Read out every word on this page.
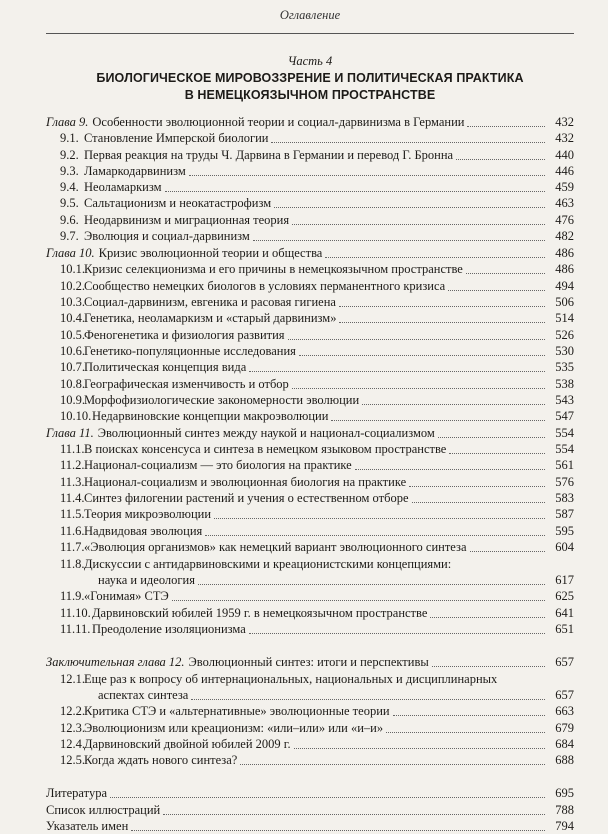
Оглавление
Часть 4
БИОЛОГИЧЕСКОЕ МИРОВОЗЗРЕНИЕ И ПОЛИТИЧЕСКАЯ ПРАКТИКА
В НЕМЕЦКОЯЗЫЧНОМ ПРОСТРАНСТВЕ
Глава 9. Особенности эволюционной теории и социал-дарвинизма в Германии	432
9.1. Становление Имперской биологии	432
9.2. Первая реакция на труды Ч. Дарвина в Германии и перевод Г. Бронна	440
9.3. Ламаркодарвинизм	446
9.4. Неоламаркизм	459
9.5. Сальтационизм и неокатастрофизм	463
9.6. Неодарвинизм и миграционная теория	476
9.7. Эволюция и социал-дарвинизм	482
Глава 10. Кризис эволюционной теории и общества	486
10.1. Кризис селекционизма и его причины в немецкоязычном пространстве	486
10.2. Сообщество немецких биологов в условиях перманентного кризиса	494
10.3. Социал-дарвинизм, евгеника и расовая гигиена	506
10.4. Генетика, неоламаркизм и «старый дарвинизм»	514
10.5. Феногенетика и физиология развития	526
10.6. Генетико-популяционные исследования	530
10.7. Политическая концепция вида	535
10.8. Географическая изменчивость и отбор	538
10.9. Морфофизиологические закономерности эволюции	543
10.10. Недарвиновские концепции макроэволюции	547
Глава 11. Эволюционный синтез между наукой и национал-социализмом	554
11.1. В поисках консенсуса и синтеза в немецком языковом пространстве	554
11.2. Национал-социализм — это биология на практике	561
11.3. Национал-социализм и эволюционная биология на практике	576
11.4. Синтез филогении растений и учения о естественном отборе	583
11.5. Теория микроэволюции	587
11.6. Надвидовая эволюция	595
11.7. «Эволюция организмов» как немецкий вариант эволюционного синтеза	604
11.8. Дискуссии с антидарвиновскими и креационистскими концепциями:
наука и идеология	617
11.9. «Гонимая» СТЭ	625
11.10. Дарвиновский юбилей 1959 г. в немецкоязычном пространстве	641
11.11. Преодоление изоляционизма	651
Заключительная глава 12. Эволюционный синтез: итоги и перспективы	657
12.1. Еще раз к вопросу об интернациональных, национальных и дисциплинарных
аспектах синтеза	657
12.2. Критика СТЭ и «альтернативные» эволюционные теории	663
12.3. Эволюционизм или креационизм: «или–или» или «и–и»	679
12.4. Дарвиновский двойной юбилей 2009 г.	684
12.5. Когда ждать нового синтеза?	688
Литература	695
Список иллюстраций	788
Указатель имен	794
